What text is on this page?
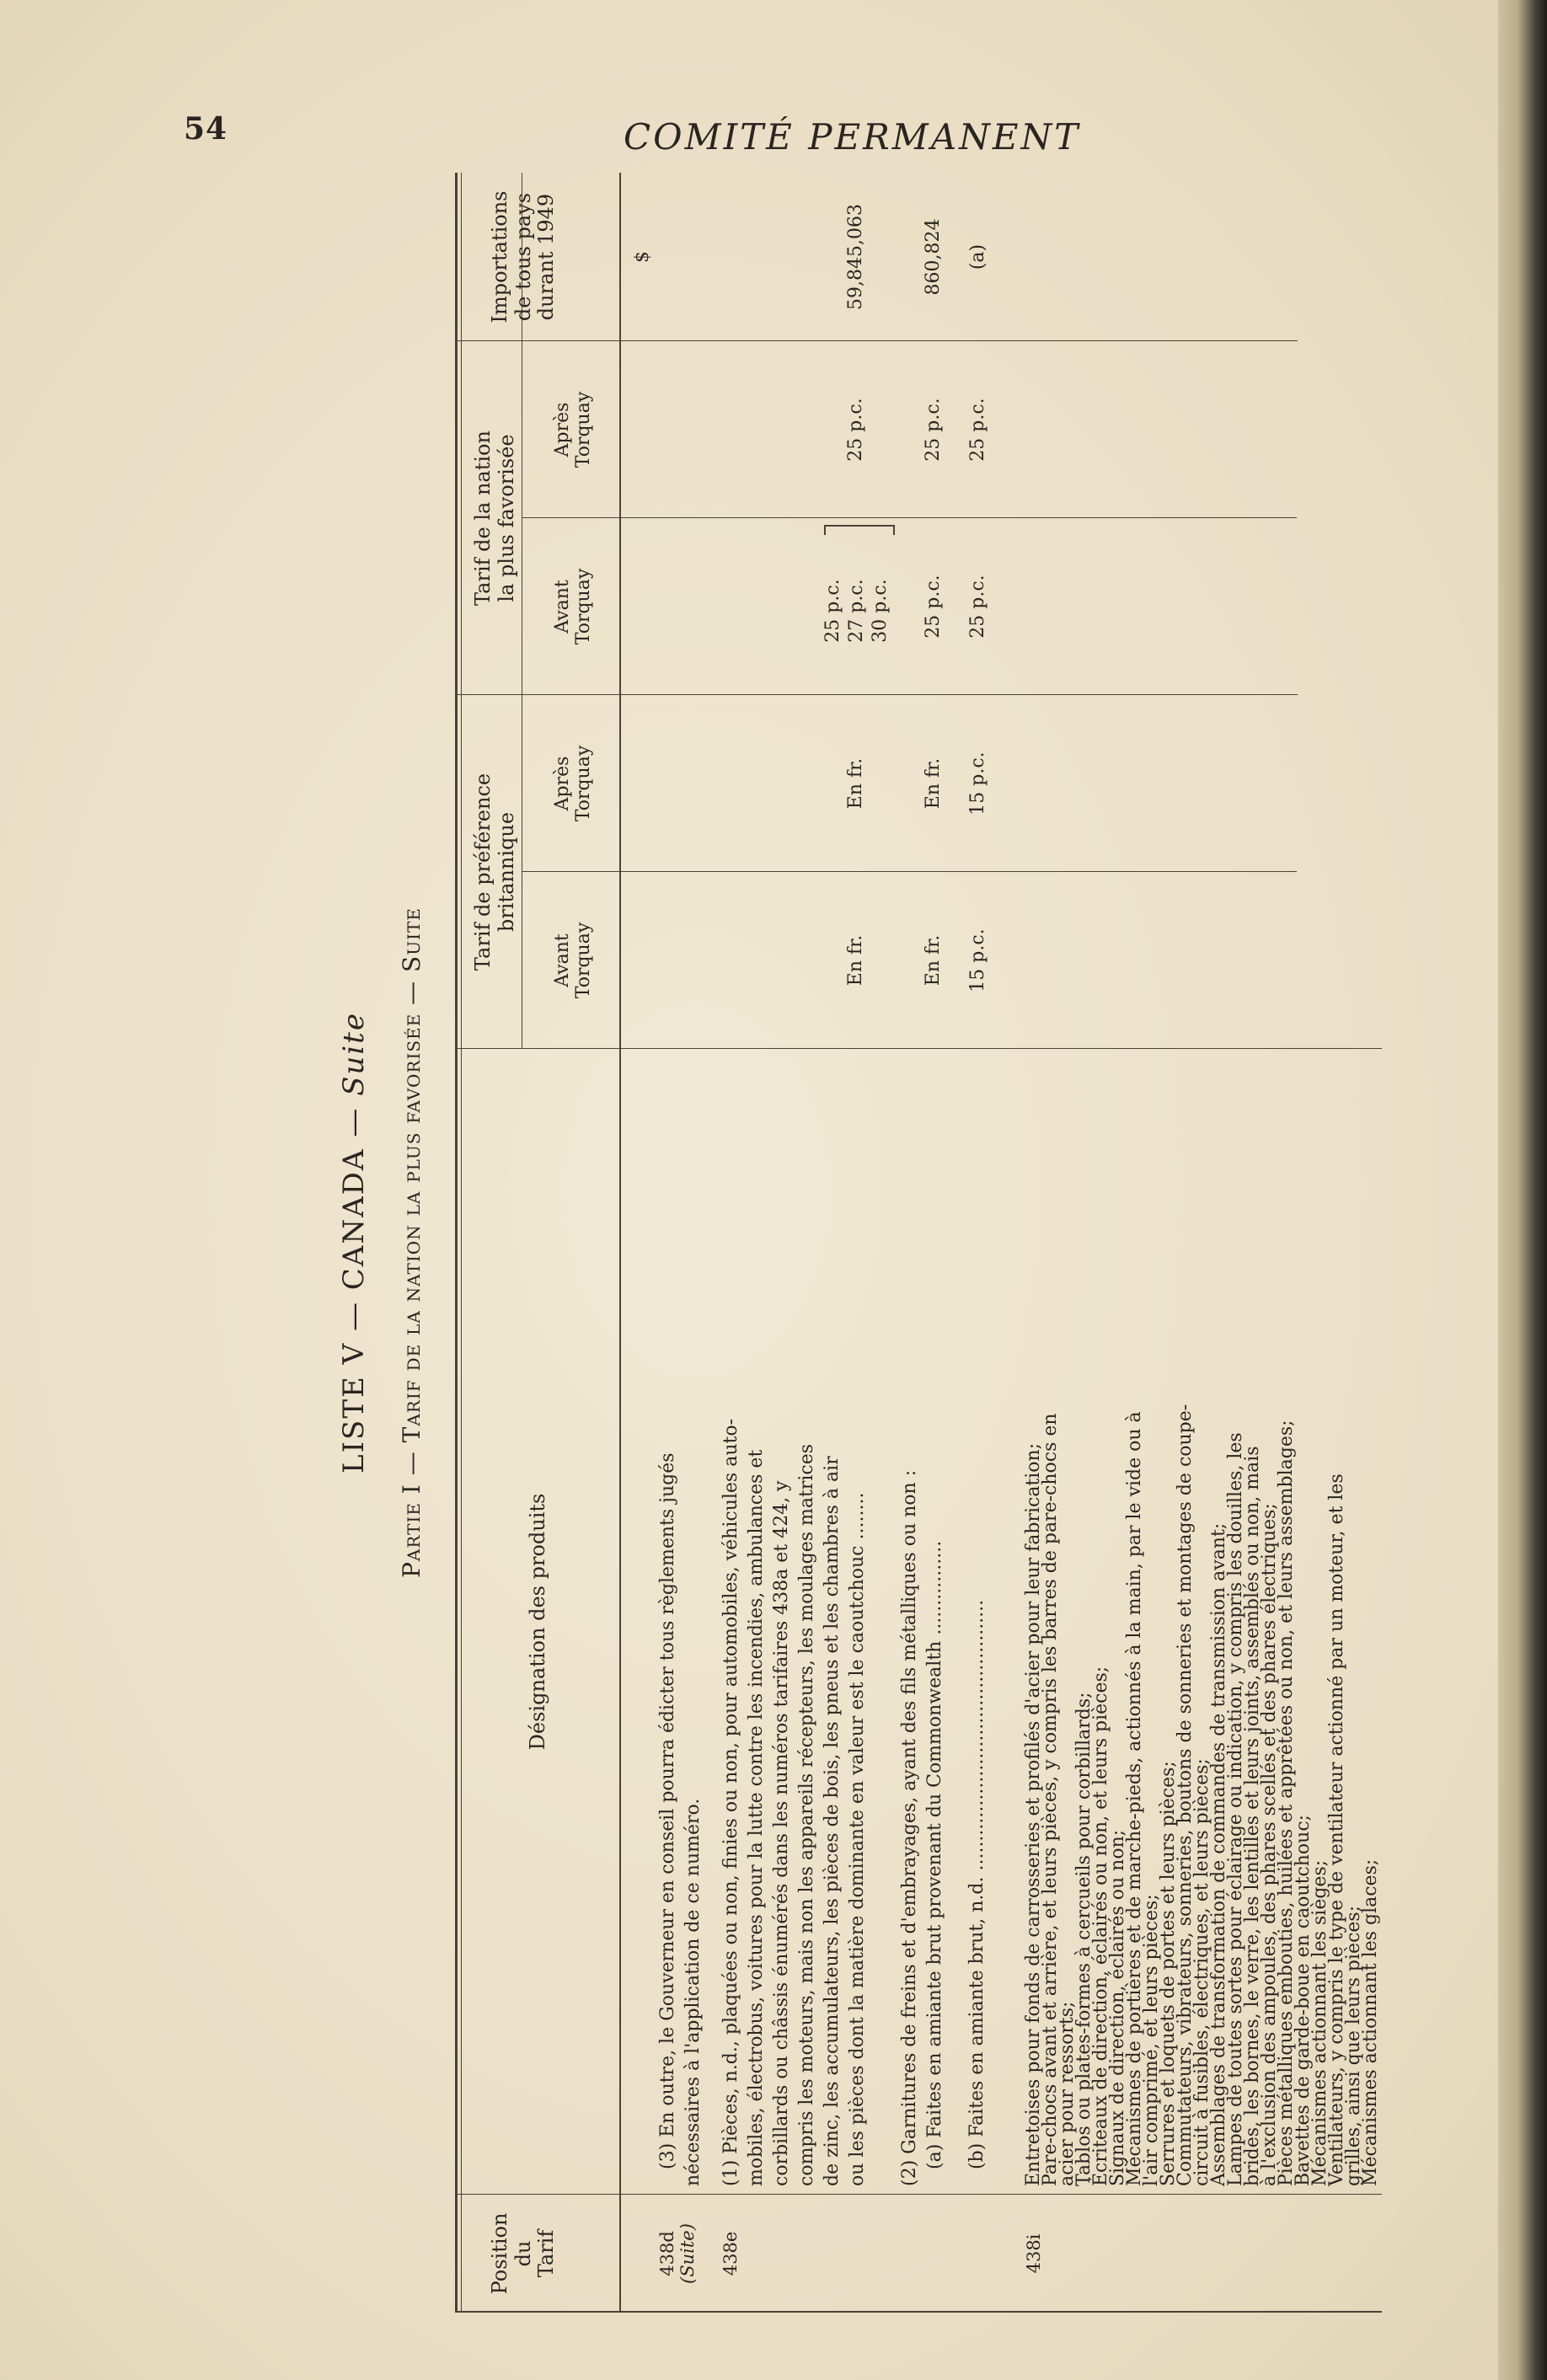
54	COMITÉ PERMANENT
LISTE V — CANADA — Suite Partie I — Tarif de la nation la plus favorisée — Suite
Position du Tarif
Désignation des produits
Tarif de préférence britannique
Avant Torquay
Après Torquay
Tarif de la nation la plus favorisée
Avant Torquay
Après Torquay
Importations de tous pays durant 1949	$
438d (Suite)
(3) En outre, le Gouverneur en conseil pourra édicter tous règlements jugés nécessaires à l'application de ce numéro.
438e
(1) Pièces, n.d., plaquées ou non, finies ou non, pour automobiles, véhicules auto- mobiles, électrobus, voitures pour la lutte contre les incendies, ambulances et corbillards ou châssis énumérés dans les numéros tarifaires 438a et 424, y compris les moteurs, mais non les appareils récepteurs, les moulages matrices de zinc, les accumulateurs, les pièces de bois, les pneus et les chambres à air ou les pièces dont la matière dominante en valeur est le caoutchouc ........
En fr.
En fr.
25 p.c. 27 p.c. 30 p.c.
25 p.c.
59,845,063
(2) Garnitures de freins et d'embrayages, ayant des fils métalliques ou non : (a) Faites en amiante brut provenant du Commonwealth ................
En fr.
En fr.
25 p.c.
25 p.c.
860,824
(b) Faites en amiante brut, n.d. ..............................................
15 p.c.
15 p.c.
25 p.c.
25 p.c.
(a)
438i
Entretoises pour fonds de carrosseries et profilés d'acier pour leur fabrication;
Pare-chocs avant et arrière, et leurs pièces, y compris les barres de pare-chocs en
acier pour ressorts;
Tablos ou plates-formes à cercueils pour corbillards;
Écriteaux de direction, éclairés ou non, et leurs pièces;
Signaux de direction, éclairés ou non;
Mécanismes de portières et de marche-pieds, actionnés à la main, par le vide ou à
l'air comprimé, et leurs pièces;
Serrures et loquets de portes et leurs pièces;
Commutateurs, vibrateurs, sonneries, boutons de sonneries et montages de coupe-
circuit à fusibles, électriques, et leurs pièces;
Assemblages de transformation de commandes de transmission avant;
Lampes de toutes sortes pour éclairage ou indication, y compris les douilles, les
brides, les bornes, le verre, les lentilles et leurs joints, assemblés ou non, mais
à l'exclusion des ampoules, des phares scellés et des phares électriques;
Pièces métalliques embouties, huilées et apprêtées ou non, et leurs assemblages;
Bavettes de garde-boue en caoutchouc;
Mécanismes actionnant les sièges;
Ventilateurs, y compris le type de ventilateur actionné par un moteur, et les
grilles, ainsi que leurs pièces;
Mécanismes actionnant les glaces;
